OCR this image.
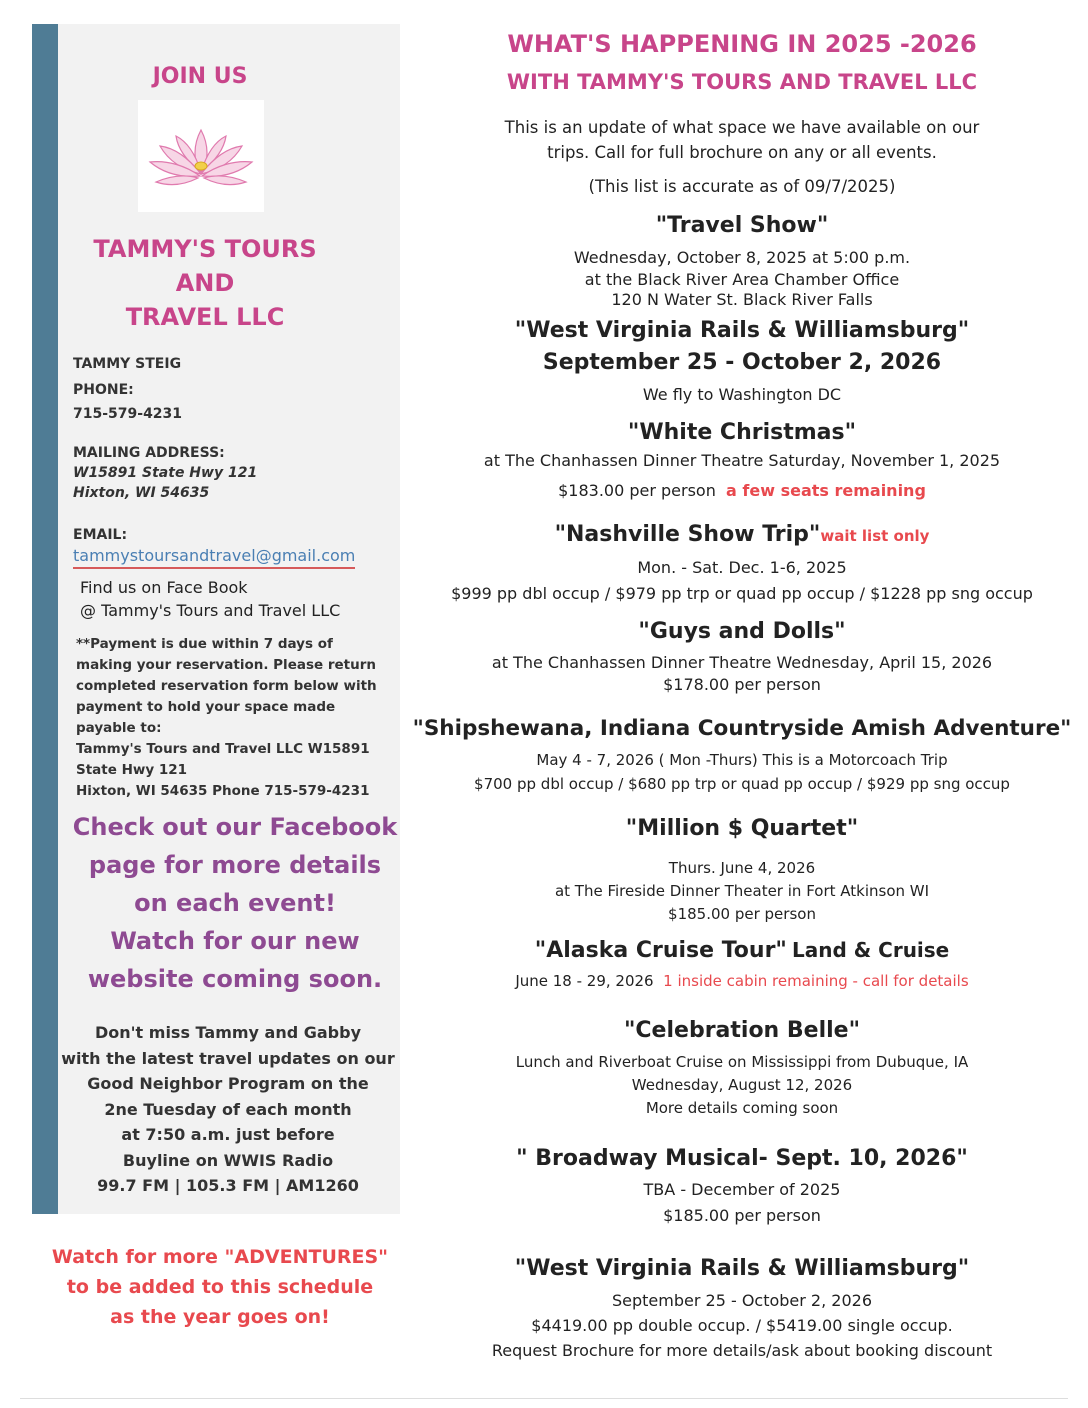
JOIN US
TAMMY'S TOURS
AND
TRAVEL LLC
TAMMY STEIG
PHONE:
715-579-4231
MAILING ADDRESS:
W15891 State Hwy 121
Hixton, WI 54635
EMAIL:
tammystoursandtravel@gmail.com
Find us on Face Book
@ Tammy's Tours and Travel LLC
**Payment is due within 7 days of
making your reservation. Please return
completed reservation form below with
payment to hold your space made
payable to:
Tammy's Tours and Travel LLC W15891
State Hwy 121
Hixton, WI 54635 Phone 715-579-4231
Check out our Facebook
page for more details
on each event!
Watch for our new
website coming soon.
Don't miss Tammy and Gabby
with the latest travel updates on our
Good Neighbor Program on the
2ne Tuesday of each month
at 7:50 a.m. just before
Buyline on WWIS Radio
99.7 FM | 105.3 FM | AM1260
Watch for more "ADVENTURES"
to be added to this schedule
as the year goes on!
WHAT'S HAPPENING IN 2025 -2026
WITH TAMMY'S TOURS AND TRAVEL LLC
This is an update of what space we have available on our
trips. Call for full brochure on any or all events.
(This list is accurate as of 09/7/2025)
"Travel Show"
Wednesday, October 8, 2025 at 5:00 p.m.
at the Black River Area Chamber Office
120 N Water St. Black River Falls
"West Virginia Rails & Williamsburg"
September 25 - October 2, 2026
We fly to Washington DC
"White Christmas"
at The Chanhassen Dinner Theatre Saturday, November 1, 2025
$183.00 per person a few seats remaining
"Nashville Show Trip"wait list only
Mon. - Sat. Dec. 1-6, 2025
$999 pp dbl occup / $979 pp trp or quad pp occup / $1228 pp sng occup
"Guys and Dolls"
at The Chanhassen Dinner Theatre Wednesday, April 15, 2026
$178.00 per person
"Shipshewana, Indiana Countryside Amish Adventure"
May 4 - 7, 2026 ( Mon -Thurs) This is a Motorcoach Trip
$700 pp dbl occup / $680 pp trp or quad pp occup / $929 pp sng occup
"Million $ Quartet"
Thurs. June 4, 2026
at The Fireside Dinner Theater in Fort Atkinson WI
$185.00 per person
"Alaska Cruise Tour" Land & Cruise
June 18 - 29, 2026 1 inside cabin remaining - call for details
"Celebration Belle"
Lunch and Riverboat Cruise on Mississippi from Dubuque, IA
Wednesday, August 12, 2026
More details coming soon
" Broadway Musical- Sept. 10, 2026"
TBA - December of 2025
$185.00 per person
"West Virginia Rails & Williamsburg"
September 25 - October 2, 2026
$4419.00 pp double occup. / $5419.00 single occup.
Request Brochure for more details/ask about booking discount
